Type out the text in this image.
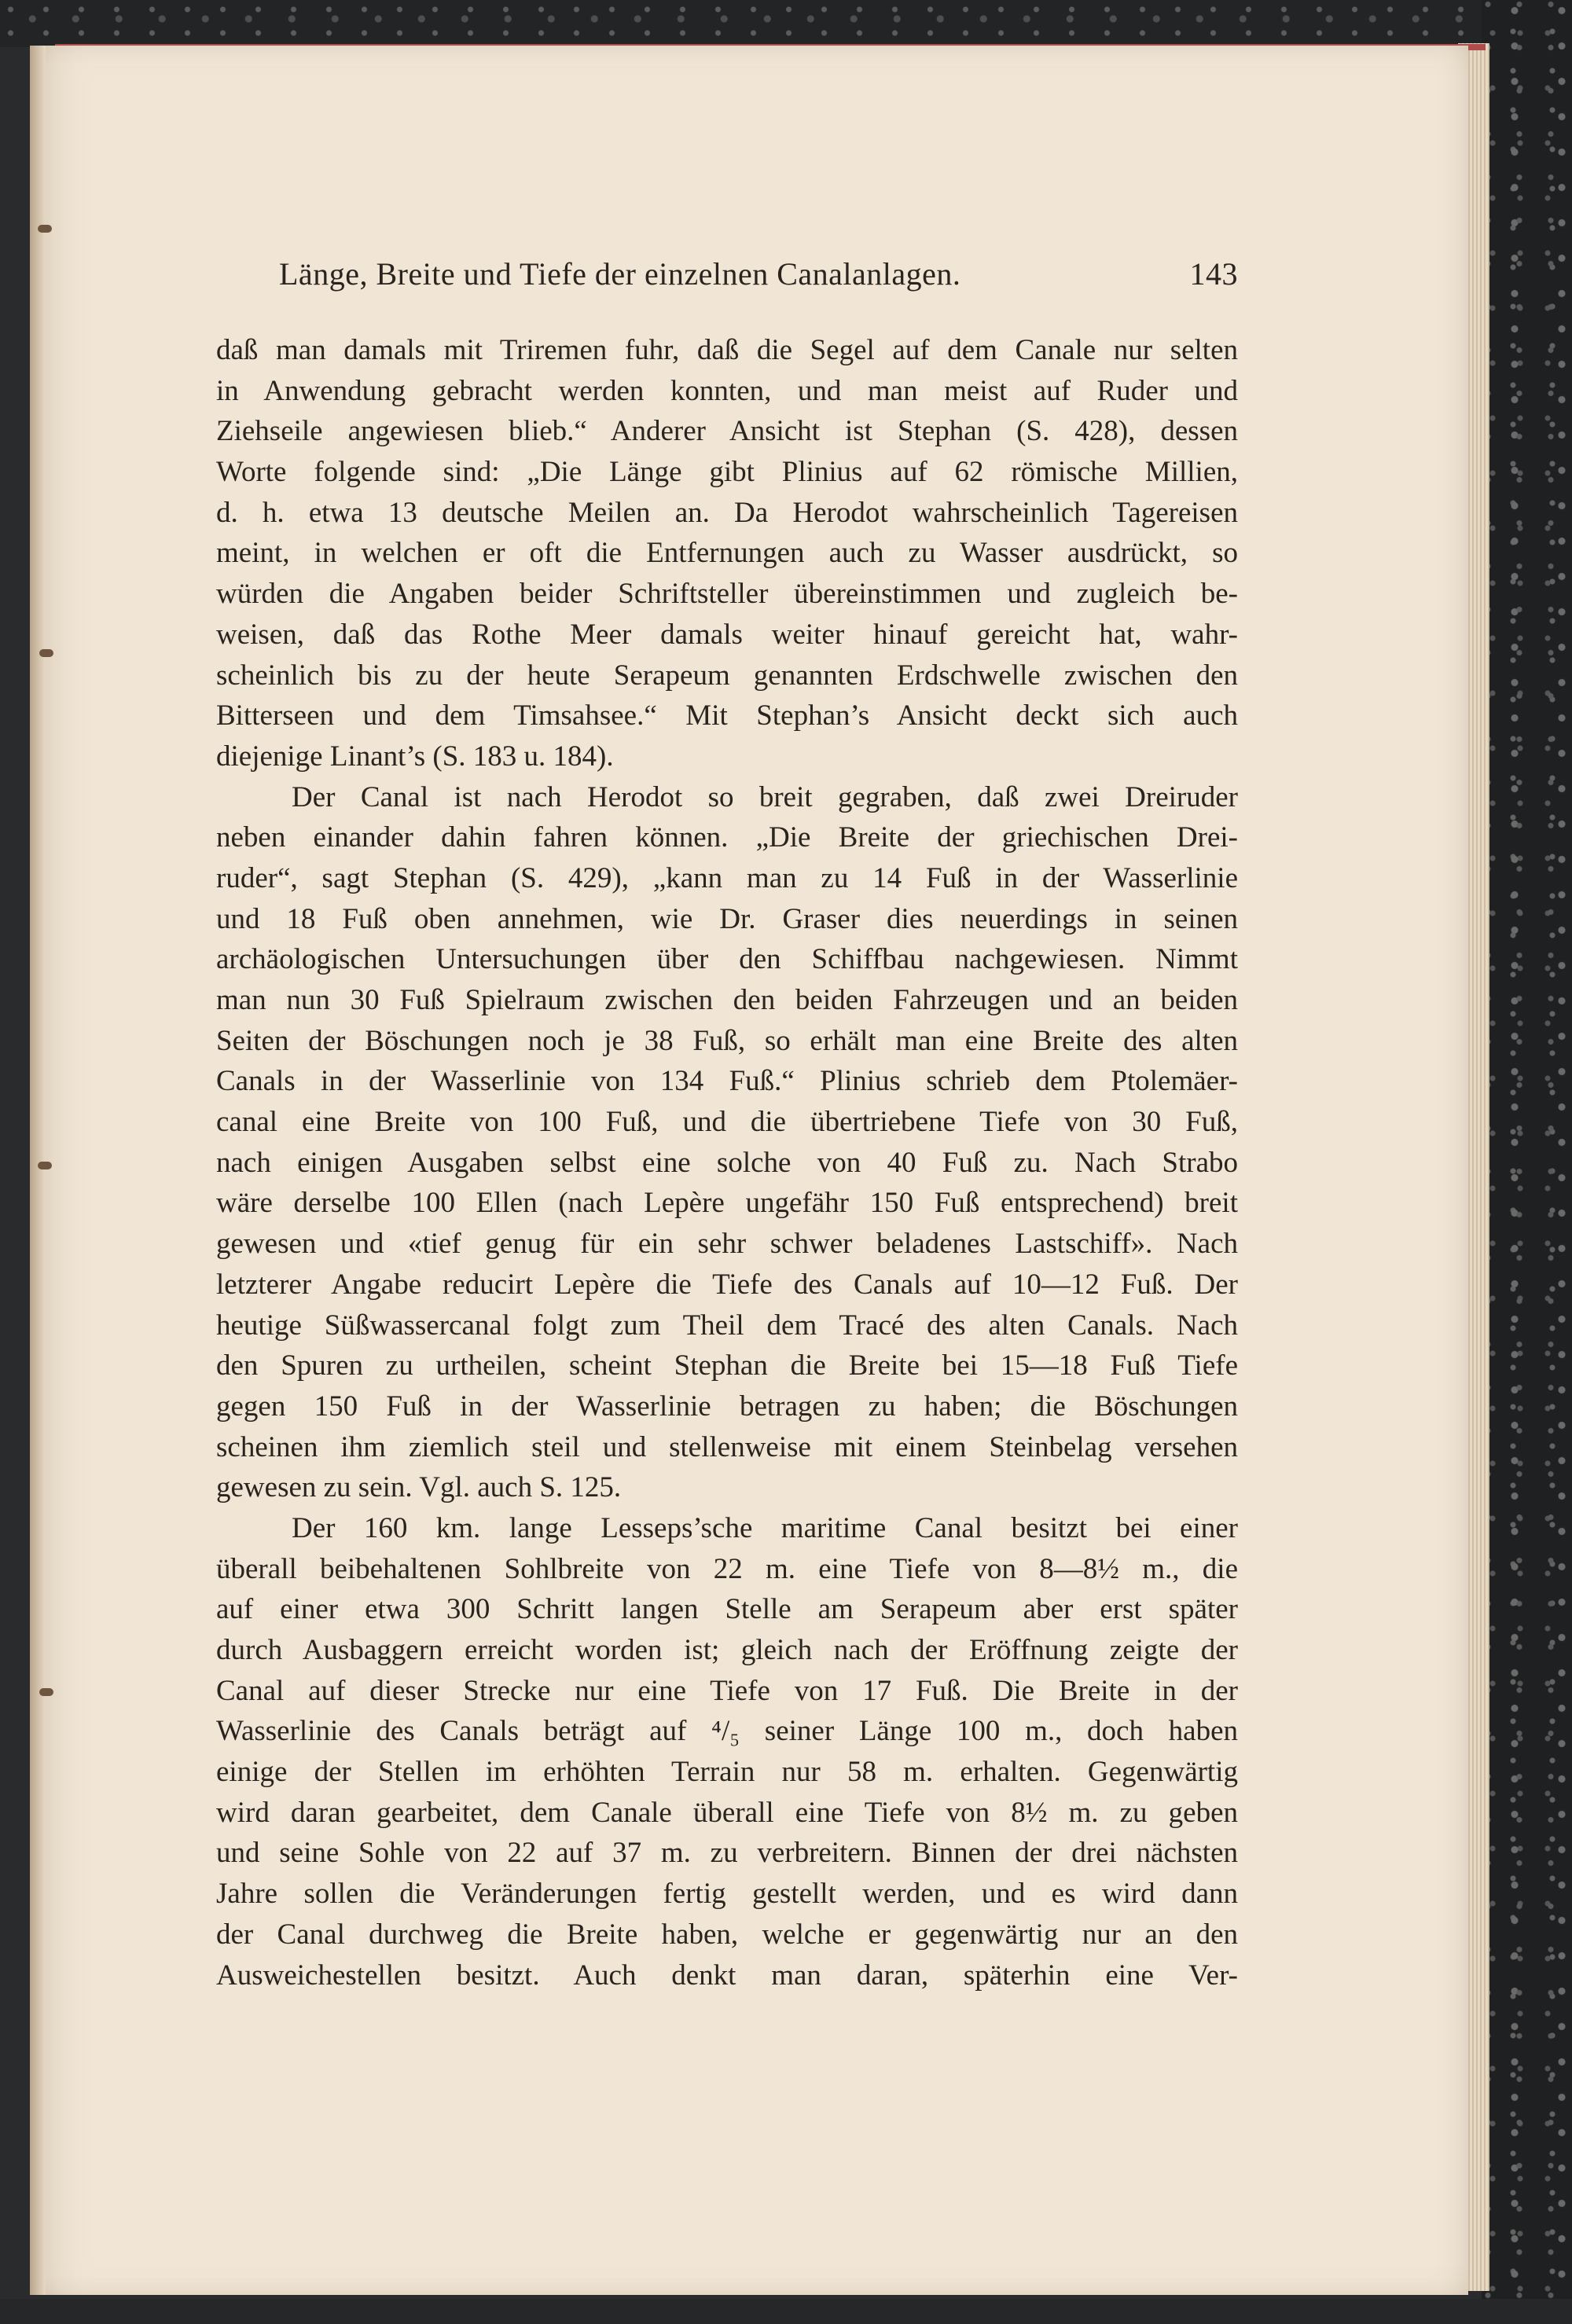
Länge, Breite und Tiefe der einzelnen Canalanlagen.	143
daß man damals mit Triremen fuhr, daß die Segel auf dem Canale nur selten
in Anwendung gebracht werden konnten, und man meist auf Ruder und
Ziehseile angewiesen blieb.“ Anderer Ansicht ist Stephan (S. 428), dessen
Worte folgende sind: „Die Länge gibt Plinius auf 62 römische Millien,
d. h. etwa 13 deutsche Meilen an. Da Herodot wahrscheinlich Tagereisen
meint, in welchen er oft die Entfernungen auch zu Wasser ausdrückt, so
würden die Angaben beider Schriftsteller übereinstimmen und zugleich be-
weisen, daß das Rothe Meer damals weiter hinauf gereicht hat, wahr-
scheinlich bis zu der heute Serapeum genannten Erdschwelle zwischen den
Bitterseen und dem Timsahsee.“ Mit Stephan’s Ansicht deckt sich auch
diejenige Linant’s (S. 183 u. 184).
Der Canal ist nach Herodot so breit gegraben, daß zwei Dreiruder
neben einander dahin fahren können. „Die Breite der griechischen Drei-
ruder“, sagt Stephan (S. 429), „kann man zu 14 Fuß in der Wasserlinie
und 18 Fuß oben annehmen, wie Dr. Graser dies neuerdings in seinen
archäologischen Untersuchungen über den Schiffbau nachgewiesen. Nimmt
man nun 30 Fuß Spielraum zwischen den beiden Fahrzeugen und an beiden
Seiten der Böschungen noch je 38 Fuß, so erhält man eine Breite des alten
Canals in der Wasserlinie von 134 Fuß.“ Plinius schrieb dem Ptolemäer-
canal eine Breite von 100 Fuß, und die übertriebene Tiefe von 30 Fuß,
nach einigen Ausgaben selbst eine solche von 40 Fuß zu. Nach Strabo
wäre derselbe 100 Ellen (nach Lepère ungefähr 150 Fuß entsprechend) breit
gewesen und «tief genug für ein sehr schwer beladenes Lastschiff». Nach
letzterer Angabe reducirt Lepère die Tiefe des Canals auf 10—12 Fuß. Der
heutige Süßwassercanal folgt zum Theil dem Tracé des alten Canals. Nach
den Spuren zu urtheilen, scheint Stephan die Breite bei 15—18 Fuß Tiefe
gegen 150 Fuß in der Wasserlinie betragen zu haben; die Böschungen
scheinen ihm ziemlich steil und stellenweise mit einem Steinbelag versehen
gewesen zu sein. Vgl. auch S. 125.
Der 160 km. lange Lesseps’sche maritime Canal besitzt bei einer
überall beibehaltenen Sohlbreite von 22 m. eine Tiefe von 8—8½ m., die
auf einer etwa 300 Schritt langen Stelle am Serapeum aber erst später
durch Ausbaggern erreicht worden ist; gleich nach der Eröffnung zeigte der
Canal auf dieser Strecke nur eine Tiefe von 17 Fuß. Die Breite in der
Wasserlinie des Canals beträgt auf ⁴/₅ seiner Länge 100 m., doch haben
einige der Stellen im erhöhten Terrain nur 58 m. erhalten. Gegenwärtig
wird daran gearbeitet, dem Canale überall eine Tiefe von 8½ m. zu geben
und seine Sohle von 22 auf 37 m. zu verbreitern. Binnen der drei nächsten
Jahre sollen die Veränderungen fertig gestellt werden, und es wird dann
der Canal durchweg die Breite haben, welche er gegenwärtig nur an den
Ausweichestellen besitzt. Auch denkt man daran, späterhin eine Ver-
